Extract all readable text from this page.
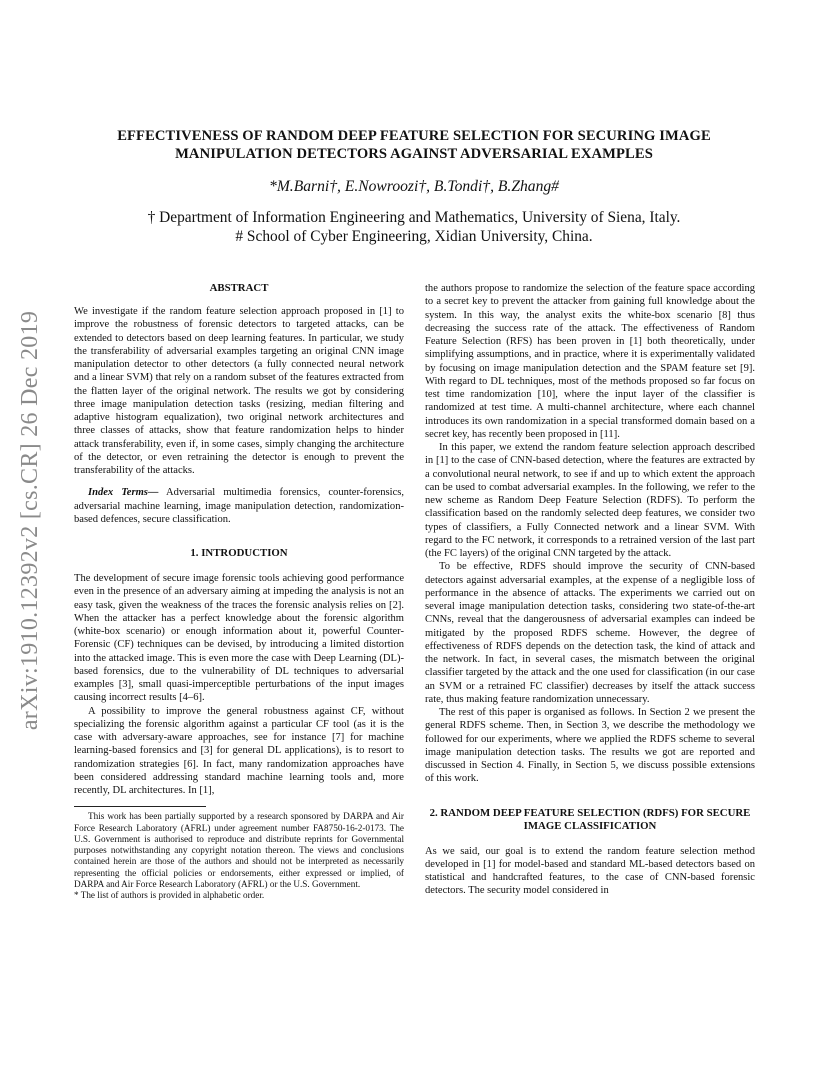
arXiv:1910.12392v2 [cs.CR] 26 Dec 2019
EFFECTIVENESS OF RANDOM DEEP FEATURE SELECTION FOR SECURING IMAGE MANIPULATION DETECTORS AGAINST ADVERSARIAL EXAMPLES
*M.Barni†, E.Nowroozi†, B.Tondi†, B.Zhang#
† Department of Information Engineering and Mathematics, University of Siena, Italy.
# School of Cyber Engineering, Xidian University, China.
ABSTRACT

We investigate if the random feature selection approach proposed in [1] to improve the robustness of forensic detectors to targeted attacks, can be extended to detectors based on deep learning features. In particular, we study the transferability of adversarial examples targeting an original CNN image manipulation detector to other detectors (a fully connected neural network and a linear SVM) that rely on a random subset of the features extracted from the flatten layer of the original network. The results we got by considering three image manipulation detection tasks (resizing, median filtering and adaptive histogram equalization), two original network architectures and three classes of attacks, show that feature randomization helps to hinder attack transferability, even if, in some cases, simply changing the architecture of the detector, or even retraining the detector is enough to prevent the transferability of the attacks.

Index Terms— Adversarial multimedia forensics, counter-forensics, adversarial machine learning, image manipulation detection, randomization-based defences, secure classification.

1. INTRODUCTION

The development of secure image forensic tools achieving good performance even in the presence of an adversary aiming at impeding the analysis is not an easy task, given the weakness of the traces the forensic analysis relies on [2]. When the attacker has a perfect knowledge about the forensic algorithm (white-box scenario) or enough information about it, powerful Counter-Forensic (CF) techniques can be devised, by introducing a limited distortion into the attacked image. This is even more the case with Deep Learning (DL)-based forensics, due to the vulnerability of DL techniques to adversarial examples [3], small quasi-imperceptible perturbations of the input images causing incorrect results [4–6].

A possibility to improve the general robustness against CF, without specializing the forensic algorithm against a particular CF tool (as it is the case with adversary-aware approaches, see for instance [7] for machine learning-based forensics and [3] for general DL applications), is to resort to randomization strategies [6]. In fact, many randomization approaches have been considered addressing standard machine learning tools and, more recently, DL architectures. In [1],

This work has been partially supported by a research sponsored by DARPA and Air Force Research Laboratory (AFRL) under agreement number FA8750-16-2-0173. The U.S. Government is authorised to reproduce and distribute reprints for Governmental purposes notwithstanding any copyright notation thereon. The views and conclusions contained herein are those of the authors and should not be interpreted as necessarily representing the official policies or endorsements, either expressed or implied, of DARPA and Air Force Research Laboratory (AFRL) or the U.S. Government.

* The list of authors is provided in alphabetic order.

the authors propose to randomize the selection of the feature space according to a secret key to prevent the attacker from gaining full knowledge about the system. In this way, the analyst exits the white-box scenario [8] thus decreasing the success rate of the attack. The effectiveness of Random Feature Selection (RFS) has been proven in [1] both theoretically, under simplifying assumptions, and in practice, where it is experimentally validated by focusing on image manipulation detection and the SPAM feature set [9]. With regard to DL techniques, most of the methods proposed so far focus on test time randomization [10], where the input layer of the classifier is randomized at test time. A multi-channel architecture, where each channel introduces its own randomization in a special transformed domain based on a secret key, has recently been proposed in [11].

In this paper, we extend the random feature selection approach described in [1] to the case of CNN-based detection, where the features are extracted by a convolutional neural network, to see if and up to which extent the approach can be used to combat adversarial examples. In the following, we refer to the new scheme as Random Deep Feature Selection (RDFS). To perform the classification based on the randomly selected deep features, we consider two types of classifiers, a Fully Connected network and a linear SVM. With regard to the FC network, it corresponds to a retrained version of the last part (the FC layers) of the original CNN targeted by the attack.

To be effective, RDFS should improve the security of CNN-based detectors against adversarial examples, at the expense of a negligible loss of performance in the absence of attacks. The experiments we carried out on several image manipulation detection tasks, considering two state-of-the-art CNNs, reveal that the dangerousness of adversarial examples can indeed be mitigated by the proposed RDFS scheme. However, the degree of effectiveness of RDFS depends on the detection task, the kind of attack and the network. In fact, in several cases, the mismatch between the original classifier targeted by the attack and the one used for classification (in our case an SVM or a retrained FC classifier) decreases by itself the attack success rate, thus making feature randomization unnecessary.

The rest of this paper is organised as follows. In Section 2 we present the general RDFS scheme. Then, in Section 3, we describe the methodology we followed for our experiments, where we applied the RDFS scheme to several image manipulation detection tasks. The results we got are reported and discussed in Section 4. Finally, in Section 5, we discuss possible extensions of this work.

2. RANDOM DEEP FEATURE SELECTION (RDFS) FOR SECURE IMAGE CLASSIFICATION

As we said, our goal is to extend the random feature selection method developed in [1] for model-based and standard ML-based detectors based on statistical and handcrafted features, to the case of CNN-based forensic detectors. The security model considered in
